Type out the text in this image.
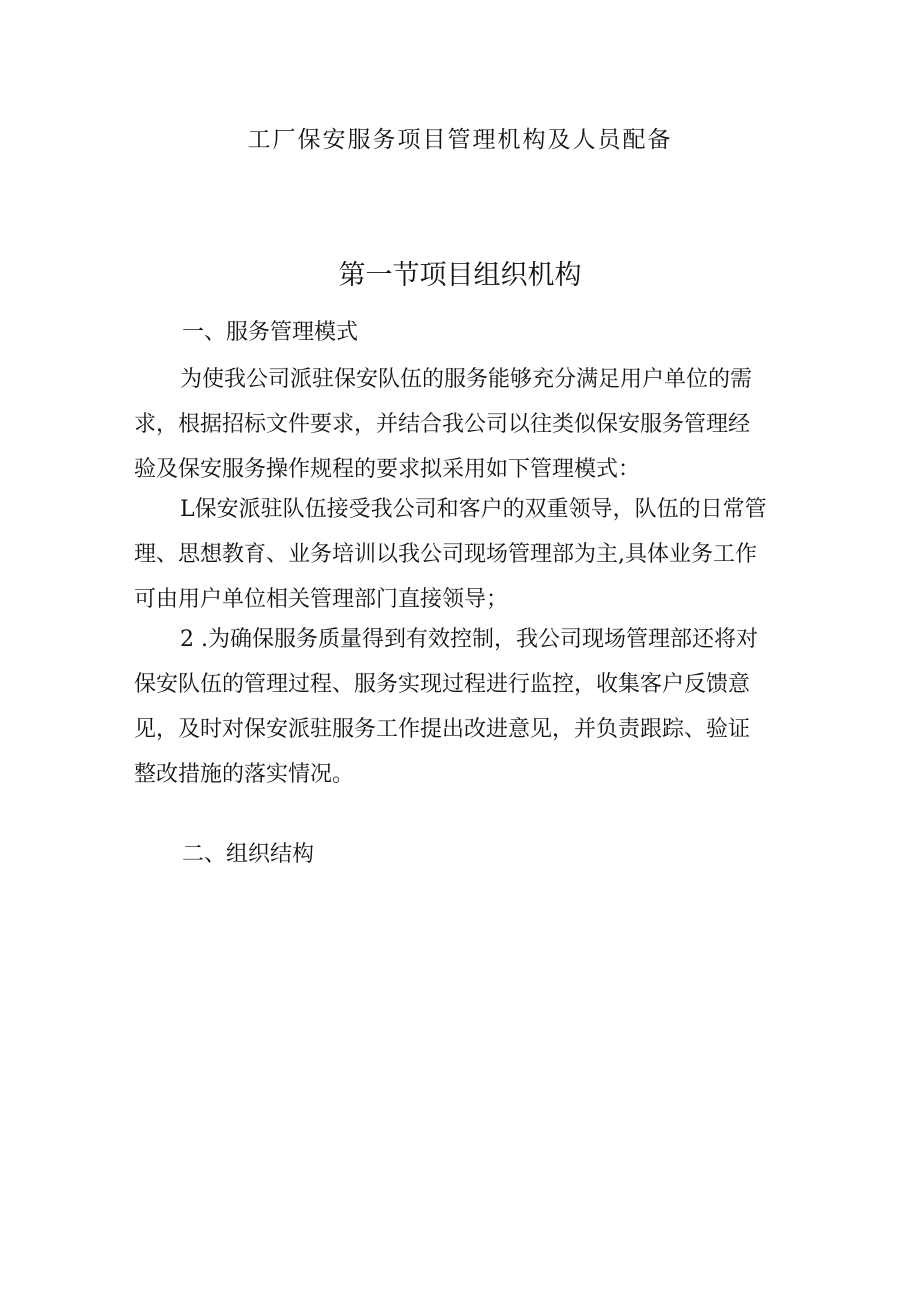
工厂保安服务项目管理机构及人员配备
第一节项目组织机构
一、服务管理模式
为使我公司派驻保安队伍的服务能够充分满足用户单位的需
求，根据招标文件要求，并结合我公司以往类似保安服务管理经
验及保安服务操作规程的要求拟采用如下管理模式：
L保安派驻队伍接受我公司和客户的双重领导，队伍的日常管
理、思想教育、业务培训以我公司现场管理部为主,具体业务工作
可由用户单位相关管理部门直接领导；
2 .为确保服务质量得到有效控制，我公司现场管理部还将对
保安队伍的管理过程、服务实现过程进行监控，收集客户反馈意
见，及时对保安派驻服务工作提出改进意见，并负责跟踪、验证
整改措施的落实情况。
二、组织结构
